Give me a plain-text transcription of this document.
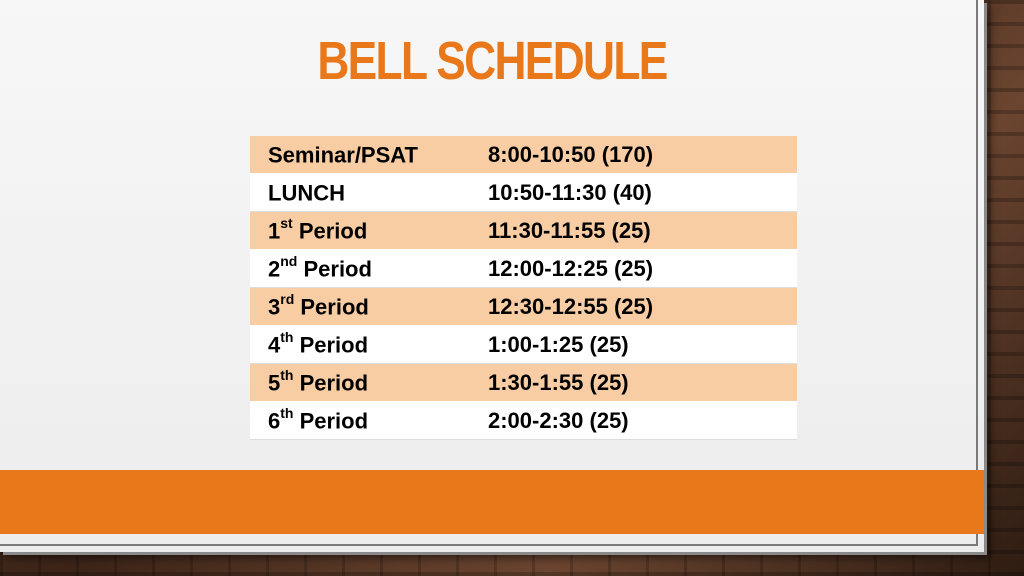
BELL SCHEDULE
Seminar/PSAT	8:00-10:50 (170)
LUNCH	10:50-11:30 (40)
1st Period	11:30-11:55 (25)
2nd Period	12:00-12:25 (25)
3rd Period	12:30-12:55 (25)
4th Period	1:00-1:25 (25)
5th Period	1:30-1:55 (25)
6th Period	2:00-2:30 (25)
